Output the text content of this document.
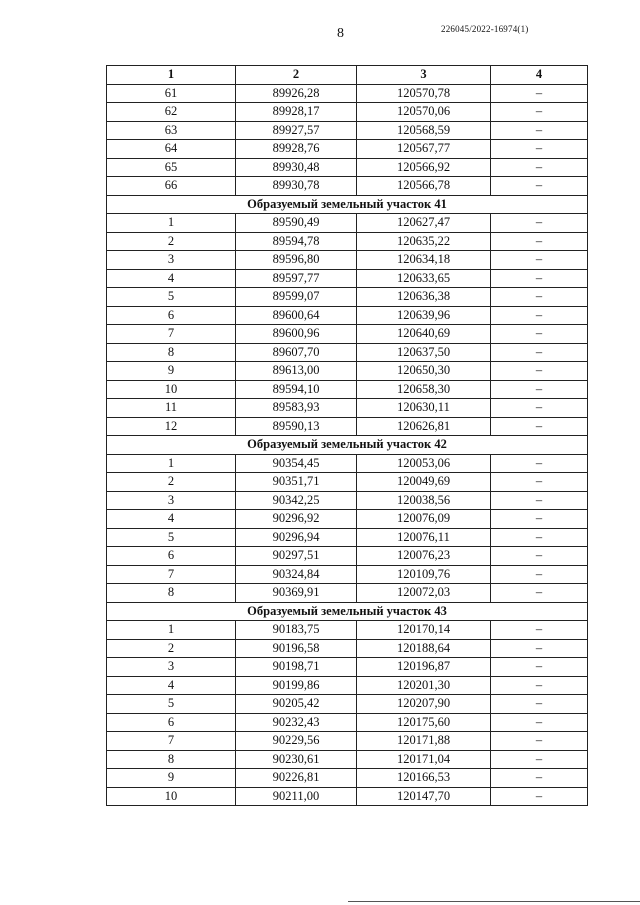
8	226045/2022-16974(1)
1	2	3	4
61	89926,28	120570,78	–
62	89928,17	120570,06	–
63	89927,57	120568,59	–
64	89928,76	120567,77	–
65	89930,48	120566,92	–
66	89930,78	120566,78	–
Образуемый земельный участок 41			
1	89590,49	120627,47	–
2	89594,78	120635,22	–
3	89596,80	120634,18	–
4	89597,77	120633,65	–
5	89599,07	120636,38	–
6	89600,64	120639,96	–
7	89600,96	120640,69	–
8	89607,70	120637,50	–
9	89613,00	120650,30	–
10	89594,10	120658,30	–
11	89583,93	120630,11	–
12	89590,13	120626,81	–
Образуемый земельный участок 42			
1	90354,45	120053,06	–
2	90351,71	120049,69	–
3	90342,25	120038,56	–
4	90296,92	120076,09	–
5	90296,94	120076,11	–
6	90297,51	120076,23	–
7	90324,84	120109,76	–
8	90369,91	120072,03	–
Образуемый земельный участок 43			
1	90183,75	120170,14	–
2	90196,58	120188,64	–
3	90198,71	120196,87	–
4	90199,86	120201,30	–
5	90205,42	120207,90	–
6	90232,43	120175,60	–
7	90229,56	120171,88	–
8	90230,61	120171,04	–
9	90226,81	120166,53	–
10	90211,00	120147,70	–
